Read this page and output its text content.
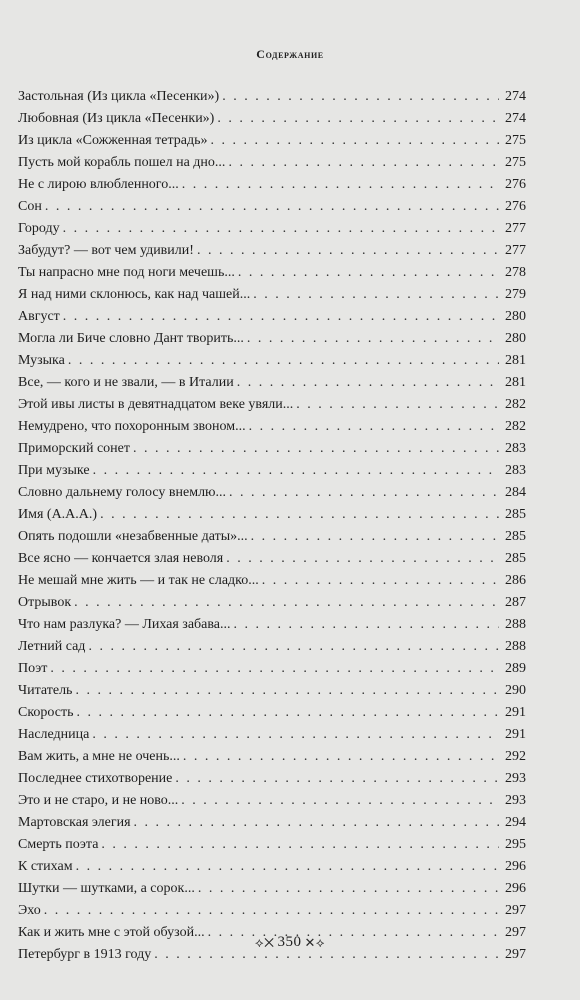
Содержание
Застольная (Из цикла «Песенки») . . .	274
Любовная (Из цикла «Песенки») . . .	274
Из цикла «Сожженная тетрадь» . . .	275
Пусть мой корабль пошел на дно... . . .	275
Не с лирою влюбленного... . . .	276
Сон . . .	276
Городу . . .	277
Забудут? — вот чем удивили! . . .	277
Ты напрасно мне под ноги мечешь... . . .	278
Я над ними склонюсь, как над чашей... . . .	279
Август . . .	280
Могла ли Биче словно Дант творить... . . .	280
Музыка . . .	281
Все, — кого и не звали, — в Италии . . .	281
Этой ивы листы в девятнадцатом веке увяли... . . .	282
Немудрено, что похоронным звоном... . . .	282
Приморский сонет . . .	283
При музыке . . .	283
Словно дальнему голосу внемлю... . . .	284
Имя (А.А.А.) . . .	285
Опять подошли «незабвенные даты»... . . .	285
Все ясно — кончается злая неволя . . .	285
Не мешай мне жить — и так не сладко... . . .	286
Отрывок . . .	287
Что нам разлука? — Лихая забава... . . .	288
Летний сад . . .	288
Поэт . . .	289
Читатель . . .	290
Скорость . . .	291
Наследница . . .	291
Вам жить, а мне не очень... . . .	292
Последнее стихотворение . . .	293
Это и не старо, и не ново... . . .	293
Мартовская элегия . . .	294
Смерть поэта . . .	295
К стихам . . .	296
Шутки — шутками, а сорок... . . .	296
Эхо . . .	297
Как и жить мне с этой обузой... . . .	297
Петербург в 1913 году . . .	297
⟡✕ 350 ✕⟡
